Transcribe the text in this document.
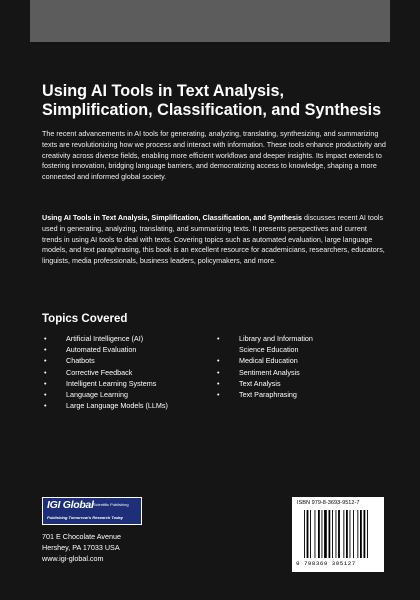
Using AI Tools in Text Analysis, Simplification, Classification, and Synthesis

The recent advancements in AI tools for generating, analyzing, translating, synthesizing, and summarizing texts are revolutionizing how we process and interact with information. These tools enhance productivity and creativity across diverse fields, enabling more efficient workflows and deeper insights. Its impact extends to fostering innovation, bridging language barriers, and democratizing access to knowledge, shaping a more connected and informed global society.

Using AI Tools in Text Analysis, Simplification, Classification, and Synthesis discusses recent AI tools used in generating, analyzing, translating, and summarizing texts. It presents perspectives and current trends in using AI tools to deal with texts. Covering topics such as automated evaluation, large language models, and text paraphrasing, this book is an excellent resource for academicians, researchers, educators, linguists, media professionals, business leaders, policymakers, and more.

Topics Covered
• Artificial Intelligence (AI)
• Automated Evaluation
• Chatbots
• Corrective Feedback
• Intelligent Learning Systems
• Language Learning
• Large Language Models (LLMs)
• Library and Information Science Education
• Medical Education
• Sentiment Analysis
• Text Analysis
• Text Paraphrasing
IGI Global Scientific Publishing
Publishing Tomorrow's Research Today
701 E Chocolate Avenue
Hershey, PA 17033 USA
www.igi-global.com
ISBN 979-8-3693-9512-7
9 798369 395127
